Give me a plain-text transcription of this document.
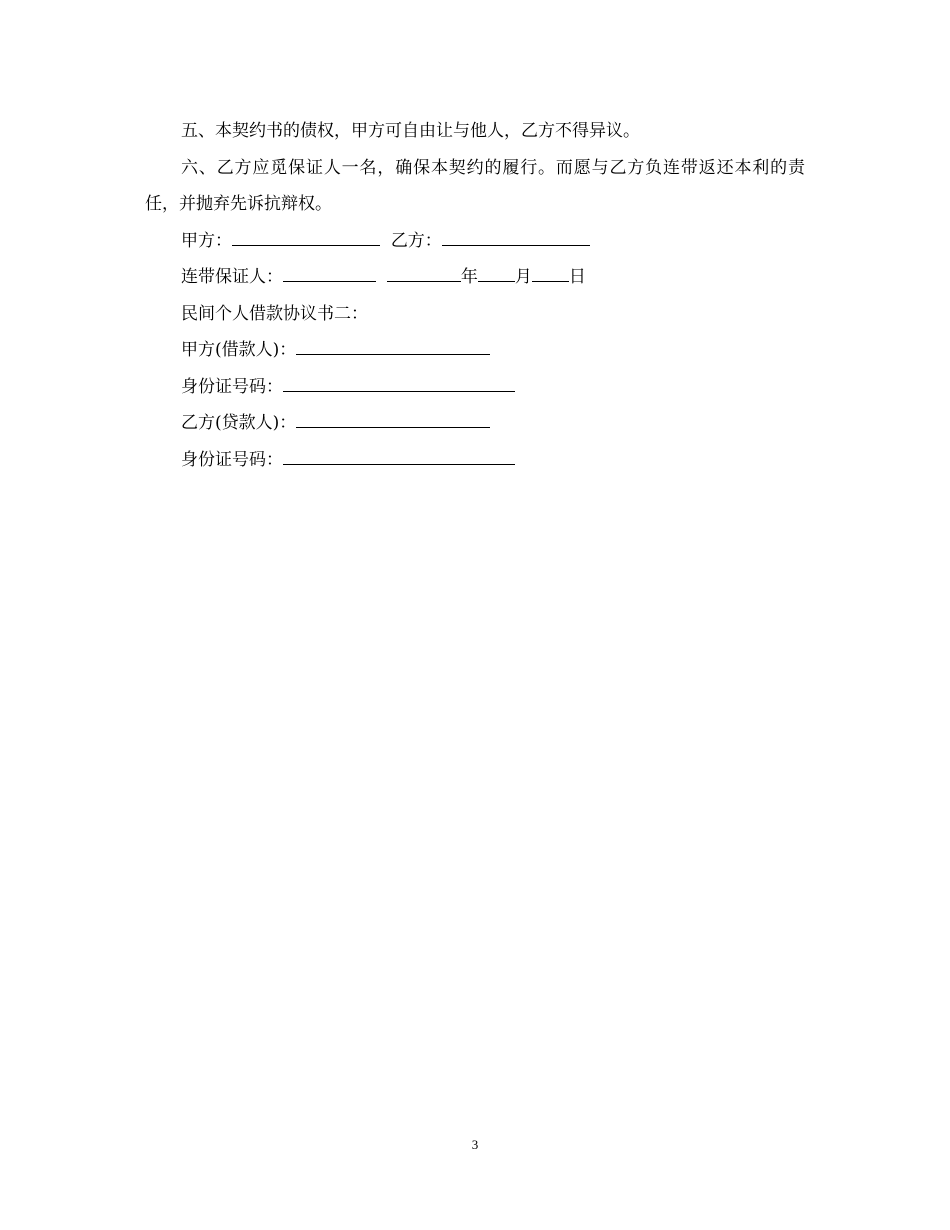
五、本契约书的债权，甲方可自由让与他人，乙方不得异议。

六、乙方应觅保证人一名，确保本契约的履行。而愿与乙方负连带返还本利的责任，并抛弃先诉抗辩权。

甲方：	乙方：

连带保证人：	年 月 日

民间个人借款协议书二：

甲方(借款人)：

身份证号码：

乙方(贷款人)：

身份证号码：

3
